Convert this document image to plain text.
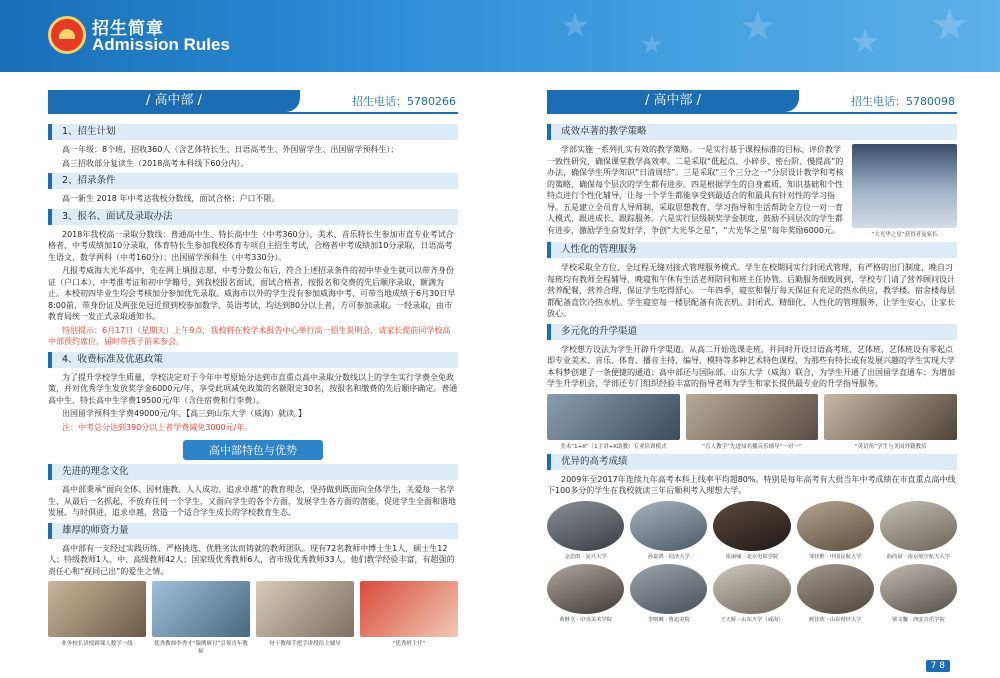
★ ★ ★ ★ ★
招生简章
Admission Rules
/ 高中部 /	招生电话：5780266
1、招生计划

高一年级：8个班，招收360人（含艺体特长生、日语高考生、外国留学生、出国留学预科生）；

高三招收部分复读生（2018高考本科线下60分内）。

2、招录条件

高一新生 2018 年中考达我校分数线，面试合格；户口不限。

3、报名、面试及录取办法

2018年我校高一录取分数线：普通高中生、特长高中生（中考360分），美术、音乐特长生参加市直专业考试合格者，中考成绩加10分录取，体育特长生参加我校体育专项自主招生考试，合格者中考成绩加10分录取，日语高考生语文、数学两科（中考160分）；出国留学预科生（中考330分）。

凡报考威海大光华高中，先在网上填报志愿，中考分数公布后，符合上述招录条件的初中毕业生就可以带齐身份证（户口本）、中考准考证和初中学籍号，到我校报名面试，面试合格者，按报名和交费的先后顺序录取，额满为止。本校初四毕业生均会考核加分参加优先录取。威海市以外的学生没有参加威海中考，可带当地成绩于6月30日早8:00前，带身份证及两张免冠近照到校参加数学、英语考试，均达到80分以上者，方可参加录取。一经录取，由市教育局统一发正式录取通知书。

特别提示：6月17日（星期天）上午9点，我校将在校学术报告中心举行高一招生说明会，请家长提前同学校高中部预约席位，届时带孩子前来参会。

4、收费标准及优惠政策

为了提升学校学生质量，学校决定对于今年中考原始分达到市直重点高中录取分数线以上的学生实行学费全免政策，并对优秀学生发放奖学金6000元/年，享受此项减免政策的名额限定30名，按报名和缴费的先后顺序确定。普通高中生、特长高中生学费19500元/年（含住宿费和行李费）。

出国留学预科生学费49000元/年。【高三到山东大学（威海）就读。】

注：中考总分达到390分以上者学费减免3000元/年。

高中部特色与优势
先进的理念文化

高中部秉承“面向全体、因材施教、人人成功、追求卓越”的教育理念，坚持做到既面向全体学生，关爱每一名学生，从最后一名抓起，不放弃任何一个学生，又面向学生的各个方面，发展学生各方面的潜能，促进学生全面和谐地发展。与时俱进，追求卓越，营造一个适合学生成长的学校教育生态。

雄厚的师资力量

高中部有一支经过实践历练、严格挑选、优胜劣汰而铸就的教师团队。现有72名教师中博士生1人，硕士生12人；特级教师1人、中、高级教师42人；国家级优秀教师6人，省市级优秀教师33人。他们教学经验丰富，有超强的责任心和“视同己出”的爱生之情。

业务校长讲授新课人数学一线	优秀教师李秀才“课例研讨”引领青年教师
骨干教师手把手讲授给主辅导	“优秀班主任”
/ 高中部 /	招生电话：5780098
成效卓著的教学策略

学部实施一系列扎实有效的教学策略。一是实行基于课程标准的目标、评价教学一致性研究，确保课堂教学高效率。二是采取“低起点、小碎步、密台阶、慢提高”的办法，确保学生所学知识“日清周结”。三是采取“三个三分之一”分层设计教学和考核的策略，确保每个层次的学生都有进步。四是根据学生的自身素质、知识基础和个性特点进行个性化辅导，让每一个学生都能享受到最适合的和最具有针对性的学习指导。五是建立全员育人导师制，采取思想教育、学习指导和生活帮助全方位一对一育人模式，跟进成长、跟踪服务。六是实行层级制奖学金制度，鼓励不同层次的学生都有进步，激励学生奋发好学，争创“大光华之星”，“大光华之星”每年奖励6000元。

“大光华之星”获得者及家长
人性化的管理服务

学校采取全方位、全过程无缝对接式管理服务模式。学生在校期间实行封闭式管理，有严格的出门制度，晚自习每班均有教师全程辅导，晚寝和午休有生活老师陪同和班主任协管。后勤服务细致周到，学校专门请了营养顾问设计营养配餐，营养合理，保证学生吃得舒心。一年四季，寝室和餐厅每天保证有充足的热水供应，教学楼、宿舍楼每层都配备直饮冷热水机。学生寝室每一楼层配备有洗衣机。封闭式、精细化、人性化的管理服务，让学生安心，让家长放心。

多元化的升学渠道

学校想方设法为学生开辟升学渠道。从高二开始选课走班，并同时开设日语高考班、艺体班，艺体班设有零起点即专业美术、音乐、体育、播音主持、编导、模特等多种艺术特色课程，为那些有特长或有发展兴趣的学生实现大学本科梦创建了一条便捷的通道；高中部还与国际部、山东大学（威海）联合，为学生开通了出国留学直通车；为增加学生升学机会，学部还专门组织经验丰富的指导老师为学生和家长提供最专业的升学指导服务。

美术“1+X”（1主讲+X助教）专业培训模式	“育人教学”先进知名播音乐辅导“一对一”	“英语角”学生与美国外籍教培
优异的高考成绩

2009年至2017年连续九年高考本科上线率平均超80%。特别是每年高考有大批当年中考成绩在市直重点高中线下100多分的学生在我校就读三年后顺利考入理想大学。

金思雨 · 复旦大学	孙嘉鸿 · 同济大学	崔丽缘 · 北京电影学院	邹佳维 · 中国民航大学	曲尚晨 · 南京航空航天大学
黄继文 · 中央美术学院	李则琳 · 鲁迅美院	王天娇 · 山东大学（威海）	颜佳欣 · 山东财经大学	梁文馨 · 西安音乐学院
7 8
